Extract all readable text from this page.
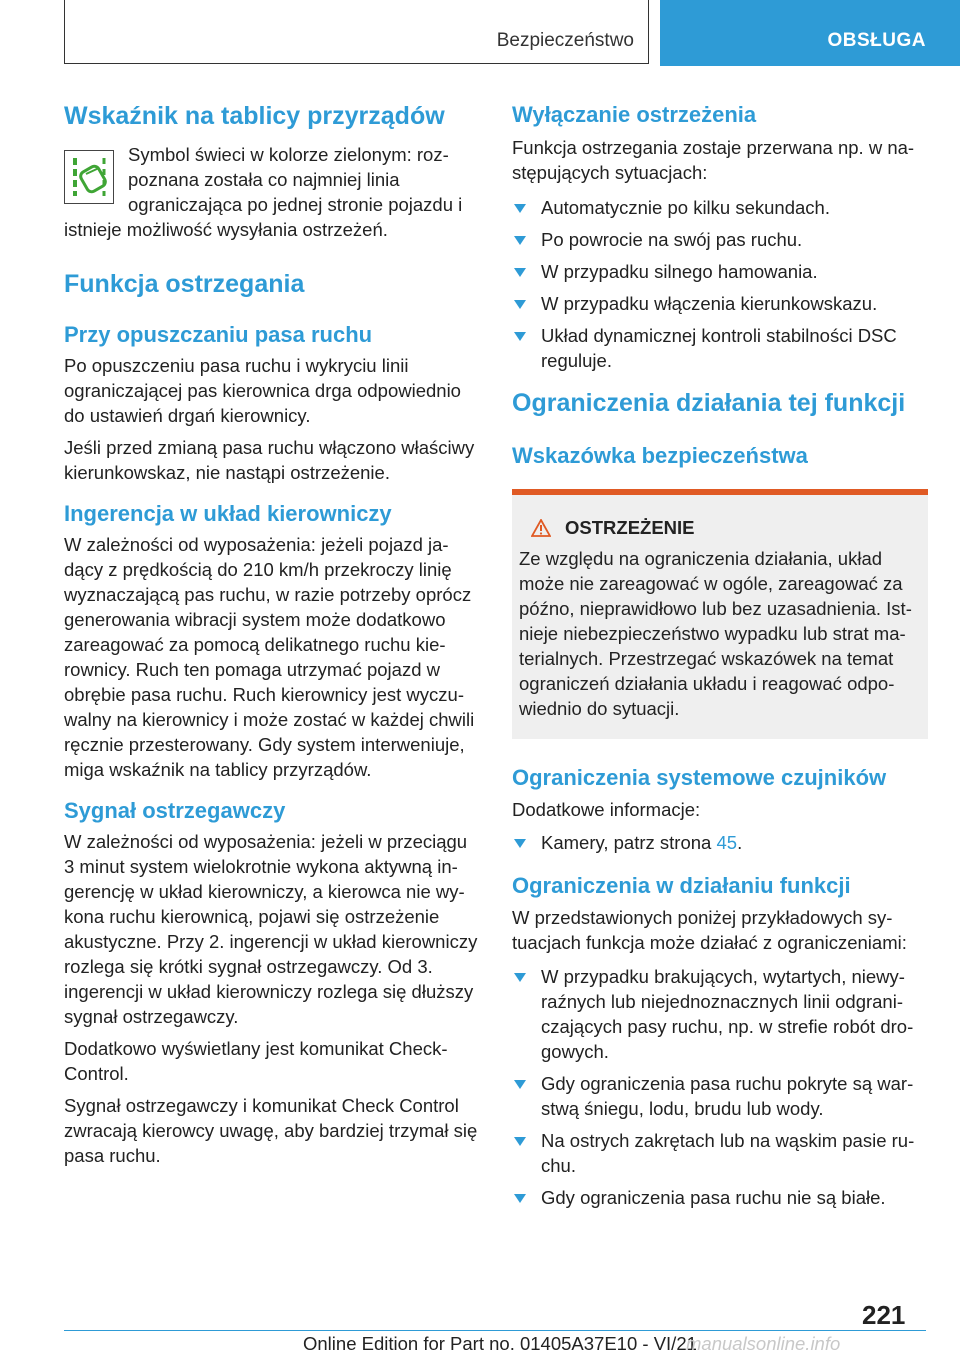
Bezpieczeństwo	OBSŁUGA
Wskaźnik na tablicy przyrządów
Symbol świeci w kolorze zielonym: rozpoznana została co najmniej linia ograniczająca po jednej stronie pojazdu i istnieje możliwość wysyłania ostrzeżeń.
Funkcja ostrzegania
Przy opuszczaniu pasa ruchu
Po opuszczeniu pasa ruchu i wykryciu linii ograniczającej pas kierownica drga odpowiednio do ustawień drgań kierownicy.
Jeśli przed zmianą pasa ruchu włączono właściwy kierunkowskaz, nie nastąpi ostrzeżenie.
Ingerencja w układ kierowniczy
W zależności od wyposażenia: jeżeli pojazd jadący z prędkością do 210 km/h przekroczy linię wyznaczającą pas ruchu, w razie potrzeby oprócz generowania wibracji system może dodatkowo zareagować za pomocą delikatnego ruchu kierownicy. Ruch ten pomaga utrzymać pojazd w obrębie pasa ruchu. Ruch kierownicy jest wyczuwalny na kierownicy i może zostać w każdej chwili ręcznie przesterowany. Gdy system interweniuje, miga wskaźnik na tablicy przyrządów.
Sygnał ostrzegawczy
W zależności od wyposażenia: jeżeli w przeciągu 3 minut system wielokrotnie wykona aktywną ingerencję w układ kierowniczy, a kierowca nie wykona ruchu kierownicą, pojawi się ostrzeżenie akustyczne. Przy 2. ingerencji w układ kierowniczy rozlega się krótki sygnał ostrzegawczy. Od 3. ingerencji w układ kierowniczy rozlega się dłuższy sygnał ostrzegawczy.
Dodatkowo wyświetlany jest komunikat Check-Control.
Sygnał ostrzegawczy i komunikat Check Control zwracają kierowcy uwagę, aby bardziej trzymał się pasa ruchu.
Wyłączanie ostrzeżenia
Funkcja ostrzegania zostaje przerwana np. w następujących sytuacjach:
Automatycznie po kilku sekundach.
Po powrocie na swój pas ruchu.
W przypadku silnego hamowania.
W przypadku włączenia kierunkowskazu.
Układ dynamicznej kontroli stabilności DSC reguluje.
Ograniczenia działania tej funkcji
Wskazówka bezpieczeństwa
OSTRZEŻENIE
Ze względu na ograniczenia działania, układ może nie zareagować w ogóle, zareagować za późno, nieprawidłowo lub bez uzasadnienia. Istnieje niebezpieczeństwo wypadku lub strat materialnych. Przestrzegać wskazówek na temat ograniczeń działania układu i reagować odpowiednio do sytuacji.
Ograniczenia systemowe czujników
Dodatkowe informacje:
Kamery, patrz strona 45.
Ograniczenia w działaniu funkcji
W przedstawionych poniżej przykładowych sytuacjach funkcja może działać z ograniczeniami:
W przypadku brakujących, wytartych, niewyraźnych lub niejednoznacznych linii odgraniczających pasy ruchu, np. w strefie robót drogowych.
Gdy ograniczenia pasa ruchu pokryte są warstwą śniegu, lodu, brudu lub wody.
Na ostrych zakrętach lub na wąskim pasie ruchu.
Gdy ograniczenia pasa ruchu nie są białe.
221
Online Edition for Part no. 01405A37E10 - VI/21
manualsonline.info
